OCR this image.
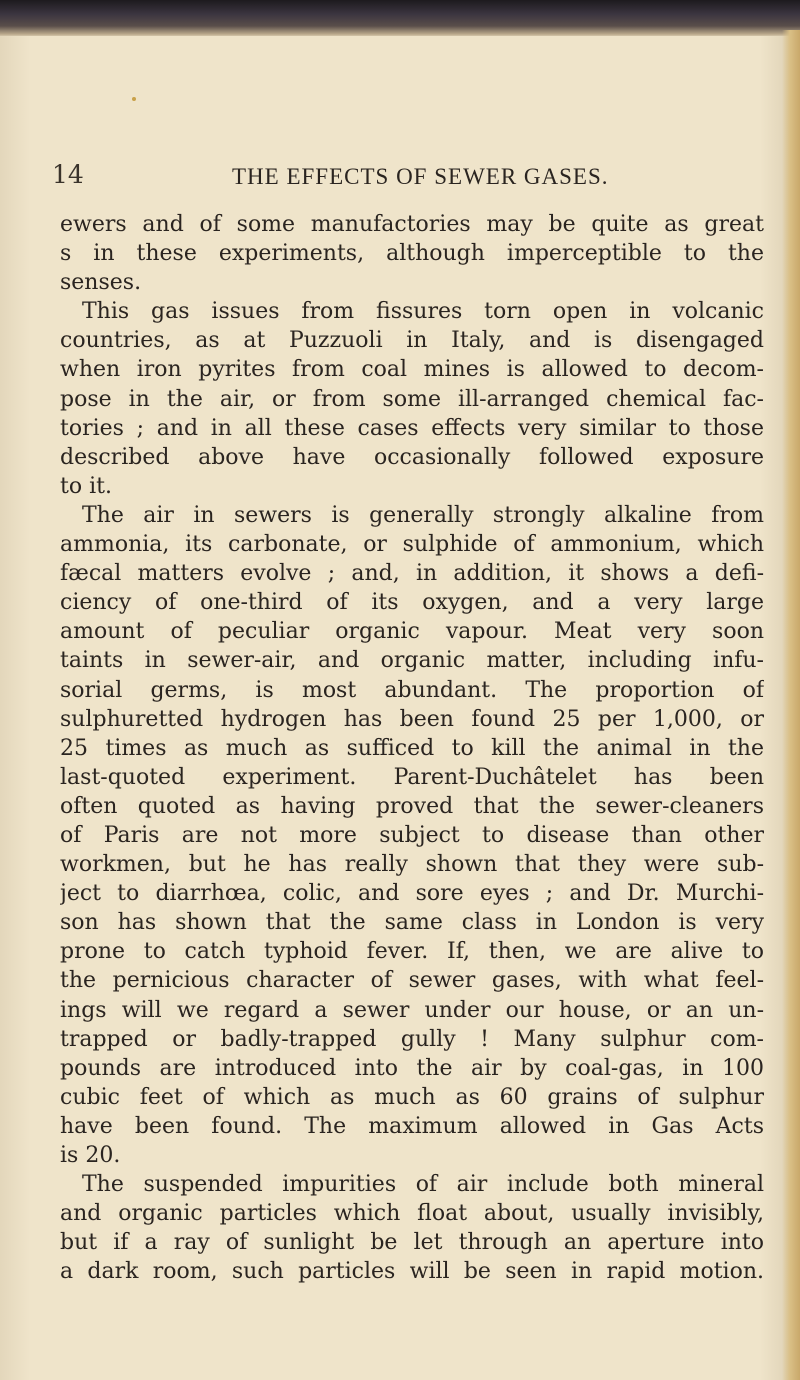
14	THE EFFECTS OF SEWER GASES.
ewers and of some manufactories may be quite as great
s in these experiments, although imperceptible to the
senses.
This gas issues from fissures torn open in volcanic
countries, as at Puzzuoli in Italy, and is disengaged
when iron pyrites from coal mines is allowed to decom-
pose in the air, or from some ill-arranged chemical fac-
tories ; and in all these cases effects very similar to those
described above have occasionally followed exposure
to it.
The air in sewers is generally strongly alkaline from
ammonia, its carbonate, or sulphide of ammonium, which
fæcal matters evolve ; and, in addition, it shows a defi-
ciency of one-third of its oxygen, and a very large
amount of peculiar organic vapour. Meat very soon
taints in sewer-air, and organic matter, including infu-
sorial germs, is most abundant. The proportion of
sulphuretted hydrogen has been found 25 per 1,000, or
25 times as much as sufficed to kill the animal in the
last-quoted experiment. Parent-Duchâtelet has been
often quoted as having proved that the sewer-cleaners
of Paris are not more subject to disease than other
workmen, but he has really shown that they were sub-
ject to diarrhœa, colic, and sore eyes ; and Dr. Murchi-
son has shown that the same class in London is very
prone to catch typhoid fever. If, then, we are alive to
the pernicious character of sewer gases, with what feel-
ings will we regard a sewer under our house, or an un-
trapped or badly-trapped gully ! Many sulphur com-
pounds are introduced into the air by coal-gas, in 100
cubic feet of which as much as 60 grains of sulphur
have been found. The maximum allowed in Gas Acts
is 20.
The suspended impurities of air include both mineral
and organic particles which float about, usually invisibly,
but if a ray of sunlight be let through an aperture into
a dark room, such particles will be seen in rapid motion.
